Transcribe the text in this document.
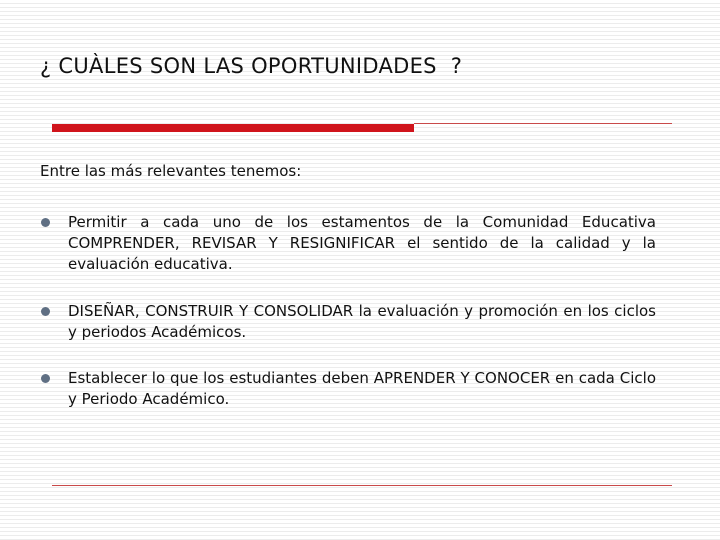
¿ CUÀLES SON LAS OPORTUNIDADES  ?

Entre las más relevantes tenemos:

Permitir a cada uno de los estamentos de la Comunidad Educativa COMPRENDER, REVISAR Y RESIGNIFICAR el sentido de la calidad y la evaluación educativa.
DISEÑAR, CONSTRUIR Y CONSOLIDAR la evaluación y promoción en los ciclos y periodos Académicos.
Establecer lo que los estudiantes deben APRENDER Y CONOCER en cada Ciclo y Periodo Académico.
